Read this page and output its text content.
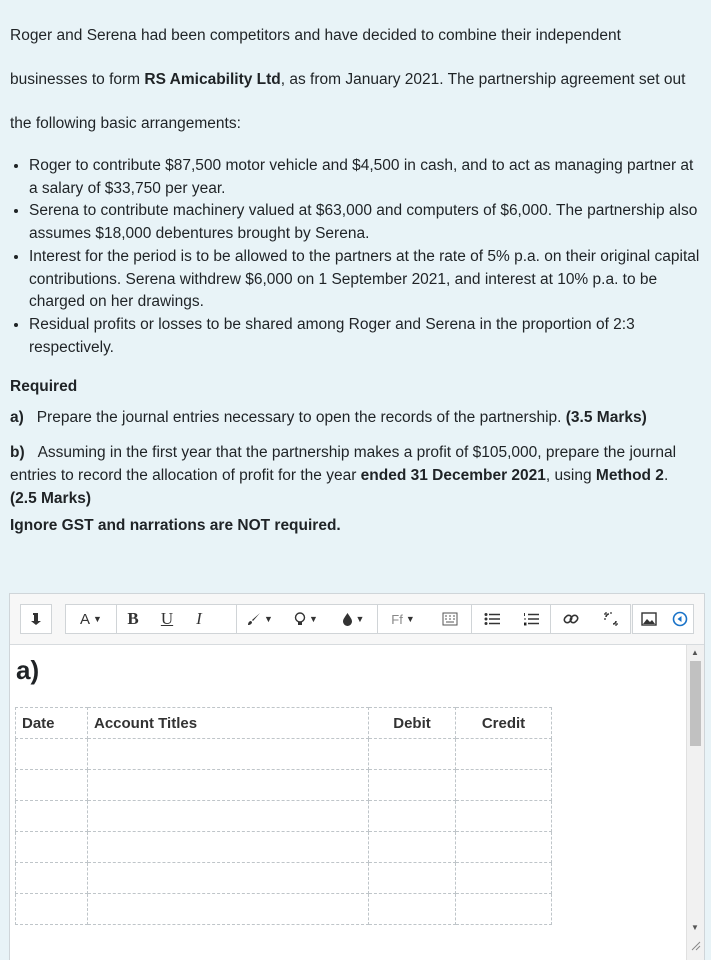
Roger and Serena had been competitors and have decided to combine their independent
businesses to form RS Amicability Ltd, as from January 2021. The partnership agreement set out
the following basic arrangements:
• Roger to contribute $87,500 motor vehicle and $4,500 in cash, and to act as managing partner at a salary of $33,750 per year.
• Serena to contribute machinery valued at $63,000 and computers of $6,000. The partnership also assumes $18,000 debentures brought by Serena.
• Interest for the period is to be allowed to the partners at the rate of 5% p.a. on their original capital contributions. Serena withdrew $6,000 on 1 September 2021, and interest at 10% p.a. to be charged on her drawings.
• Residual profits or losses to be shared among Roger and Serena in the proportion of 2:3 respectively.
Required
a) Prepare the journal entries necessary to open the records of the partnership. (3.5 Marks)
b) Assuming in the first year that the partnership makes a profit of $105,000, prepare the journal entries to record the allocation of profit for the year ended 31 December 2021, using Method 2.
(2.5 Marks)
Ignore GST and narrations are NOT required.
A ▼	B	U	I	▼	▼	▼ Ff ▼
a)
Date	Account Titles	Debit	Credit

▲
▼
